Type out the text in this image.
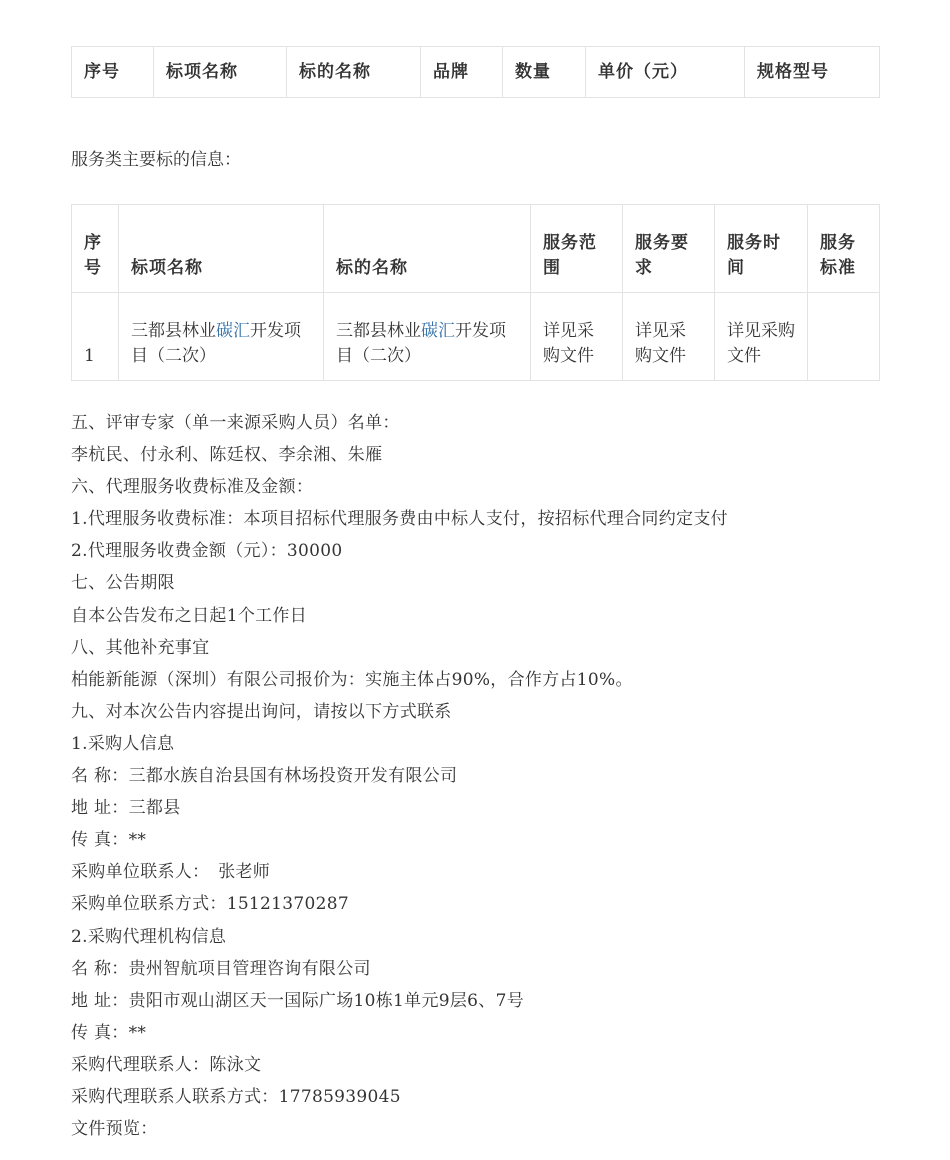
序号	标项名称	标的名称	品牌	数量	单价（元）	规格型号

服务类主要标的信息：

序号	标项名称	标的名称	服务范围	服务要求	服务时间	服务标准
1	三都县林业碳汇开发项目（二次）	三都县林业碳汇开发项目（二次）	详见采购文件	详见采购文件	详见采购文件	
五、评审专家（单一来源采购人员）名单：
李杭民、付永利、陈廷权、李余湘、朱雁
六、代理服务收费标准及金额：
1.代理服务收费标准：本项目招标代理服务费由中标人支付，按招标代理合同约定支付
2.代理服务收费金额（元）：30000
七、公告期限
自本公告发布之日起1个工作日
八、其他补充事宜
柏能新能源（深圳）有限公司报价为：实施主体占90%，合作方占10%。
九、对本次公告内容提出询问，请按以下方式联系
1.采购人信息
名 称：三都水族自治县国有林场投资开发有限公司
地 址：三都县
传 真：**
采购单位联系人：　张老师
采购单位联系方式：15121370287
2.采购代理机构信息
名 称：贵州智航项目管理咨询有限公司
地 址：贵阳市观山湖区天一国际广场10栋1单元9层6、7号
传 真：**
采购代理联系人：陈泳文
采购代理联系人联系方式：17785939045
文件预览：
